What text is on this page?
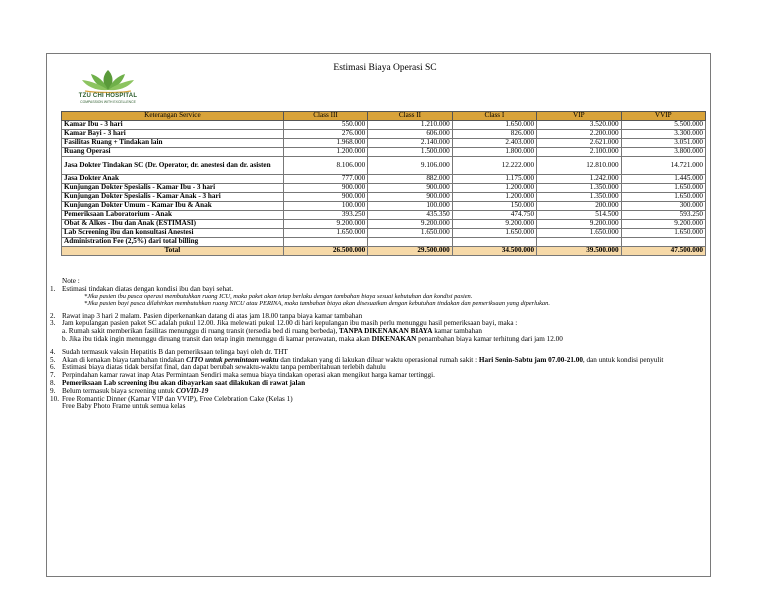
TZU CHI HOSPITAL
COMPASSION WITH EXCELLENCE
Estimasi Biaya Operasi SC
Keterangan Service	Class III	Class II	Class I	VIP	VVIP
Kamar Ibu - 3 hari	550.000	1.210.000	1.650.000	3.520.000	5.500.000
Kamar Bayi - 3 hari	276.000	606.000	826.000	2.200.000	3.300.000
Fasilitas Ruang + Tindakan lain	1.968.000	2.140.000	2.403.000	2.621.000	3.051.000
Ruang Operasi	1.200.000	1.500.000	1.800.000	2.100.000	3.800.000
Jasa Dokter Tindakan SC (Dr. Operator, dr. anestesi dan dr. asisten	8.106.000	9.106.000	12.222.000	12.810.000	14.721.000
Jasa Dokter Anak	777.000	882.000	1.175.000	1.242.000	1.445.000
Kunjungan Dokter Spesialis - Kamar Ibu - 3 hari	900.000	900.000	1.200.000	1.350.000	1.650.000
Kunjungan Dokter Spesialis - Kamar Anak - 3 hari	900.000	900.000	1.200.000	1.350.000	1.650.000
Kunjungan Dokter Umum - Kamar Ibu & Anak	100.000	100.000	150.000	200.000	300.000
Pemeriksaan Laboratorium - Anak	393.250	435.350	474.750	514.500	593.250
Obat & Alkes - Ibu dan Anak (ESTIMASI)	9.200.000	9.200.000	9.200.000	9.200.000	9.200.000
Lab Screening ibu dan konsultasi Anestesi	1.650.000	1.650.000	1.650.000	1.650.000	1.650.000
Administration Fee (2,5%) dari total billing					
Total	26.500.000	29.500.000	34.500.000	39.500.000	47.500.000
Note :
1. Estimasi tindakan diatas dengan kondisi ibu dan bayi sehat.
*Jika pasien ibu pasca operasi membutuhkan ruang ICU, maka paket akan tetap berlaku dengan tambahan biaya sesuai kebutuhan dan kondisi pasien.
*Jika pasien bayi pasca dilahirkan membutuhkan ruang NICU atau PERINA, maka tambahan biaya akan disesuaikan dengan kebutuhan tindakan dan pemeriksaan yang diperlukan.
2. Rawat inap 3 hari 2 malam. Pasien diperkenankan datang di atas jam 18.00 tanpa biaya kamar tambahan
3. Jam kepulangan pasien paket SC adalah pukul 12.00. Jika melewati pukul 12.00 di hari kepulangan ibu masih perlu menunggu hasil pemeriksaan bayi, maka :
a. Rumah sakit memberikan fasilitas menunggu di ruang transit (tersedia bed di ruang berbeda), TANPA DIKENAKAN BIAYA kamar tambahan
b. Jika ibu tidak ingin menunggu diruang transit dan tetap ingin menunggu di kamar perawatan, maka akan DIKENAKAN penambahan biaya kamar terhitung dari jam 12.00
4. Sudah termasuk vaksin Hepatitis B dan pemeriksaan telinga bayi oleh dr. THT
5. Akan di kenakan biaya tambahan tindakan CITO untuk permintaan waktu dan tindakan yang di lakukan diluar waktu operasional rumah sakit : Hari Senin-Sabtu jam 07.00-21.00, dan untuk kondisi penyulit
6. Estimasi biaya diatas tidak bersifat final, dan dapat berubah sewaktu-waktu tanpa pemberitahuan terlebih dahulu
7. Perpindahan kamar rawat inap Atas Permintaan Sendiri maka semua biaya tindakan operasi akan mengikut harga kamar tertinggi.
8. Pemeriksaan Lab screening ibu akan dibayarkan saat dilakukan di rawat jalan
9. Belum termasuk biaya screening untuk COVID-19
10. Free Romantic Dinner (Kamar VIP dan VVIP), Free Celebration Cake (Kelas 1)
Free Baby Photo Frame untuk semua kelas
